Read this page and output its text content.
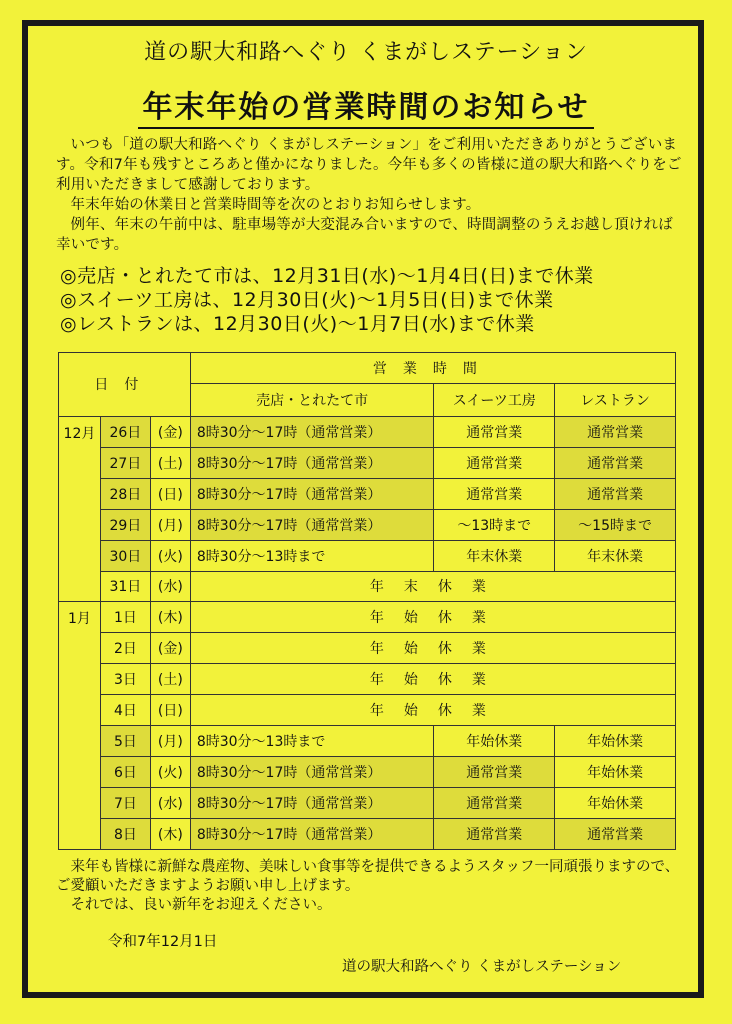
道の駅大和路へぐり くまがしステーション
年末年始の営業時間のお知らせ

いつも「道の駅大和路へぐり くまがしステーション」をご利用いただきありがとうございます。令和7年も残すところあと僅かになりました。今年も多くの皆様に道の駅大和路へぐりをご利用いただきまして感謝しております。

年末年始の休業日と営業時間等を次のとおりお知らせします。

例年、年末の午前中は、駐車場等が大変混み合いますので、時間調整のうえお越し頂ければ幸いです。

◎売店・とれたて市は、12月31日(水)～1月4日(日)まで休業
◎スイーツ工房は、12月30日(火)～1月5日(日)まで休業
◎レストランは、12月30日(火)～1月7日(水)まで休業
日付			営業時間		
			売店・とれたて市	スイーツ工房	レストラン
12月	26日	(金)	8時30分～17時（通常営業）	通常営業	通常営業
	27日	(土)	8時30分～17時（通常営業）	通常営業	通常営業
	28日	(日)	8時30分～17時（通常営業）	通常営業	通常営業
	29日	(月)	8時30分～17時（通常営業）	～13時まで	～15時まで
	30日	(火)	8時30分～13時まで	年末休業	年末休業
	31日	(水)	年末休業		
1月	1日	(木)	年始休業		
	2日	(金)	年始休業		
	3日	(土)	年始休業		
	4日	(日)	年始休業		
	5日	(月)	8時30分～13時まで	年始休業	年始休業
	6日	(火)	8時30分～17時（通常営業）	通常営業	年始休業
	7日	(水)	8時30分～17時（通常営業）	通常営業	年始休業
	8日	(木)	8時30分～17時（通常営業）	通常営業	通常営業

来年も皆様に新鮮な農産物、美味しい食事等を提供できるようスタッフ一同頑張りますので、ご愛顧いただきますようお願い申し上げます。

それでは、良い新年をお迎えください。

令和7年12月1日
道の駅大和路へぐり くまがしステーション
